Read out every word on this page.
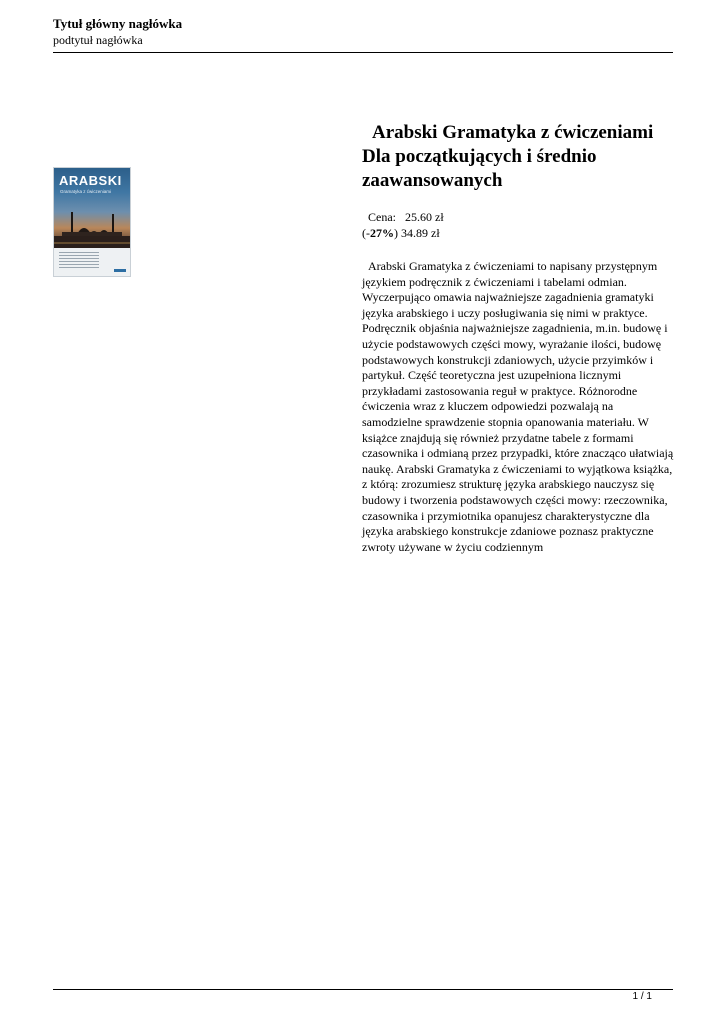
Tytuł główny nagłówka
podtytuł nagłówka
ARABSKI
Gramatyka z ćwiczeniami
Arabski Gramatyka z ćwiczeniami Dla początkujących i średnio zaawansowanych
Cena: 25.60 zł
(-27%) 34.89 zł
Arabski Gramatyka z ćwiczeniami to napisany przystępnym językiem podręcznik z ćwiczeniami i tabelami odmian. Wyczerpująco omawia najważniejsze zagadnienia gramatyki języka arabskiego i uczy posługiwania się nimi w praktyce. Podręcznik objaśnia najważniejsze zagadnienia, m.in. budowę i użycie podstawowych części mowy, wyrażanie ilości, budowę podstawowych konstrukcji zdaniowych, użycie przyimków i partykuł. Część teoretyczna jest uzupełniona licznymi przykładami zastosowania reguł w praktyce. Różnorodne ćwiczenia wraz z kluczem odpowiedzi pozwalają na samodzielne sprawdzenie stopnia opanowania materiału. W książce znajdują się również przydatne tabele z formami czasownika i odmianą przez przypadki, które znacząco ułatwiają naukę. Arabski Gramatyka z ćwiczeniami to wyjątkowa książka, z którą: zrozumiesz strukturę języka arabskiego nauczysz się budowy i tworzenia podstawowych części mowy: rzeczownika, czasownika i przymiotnika opanujesz charakterystyczne dla języka arabskiego konstrukcje zdaniowe poznasz praktyczne zwroty używane w życiu codziennym
1 / 1
